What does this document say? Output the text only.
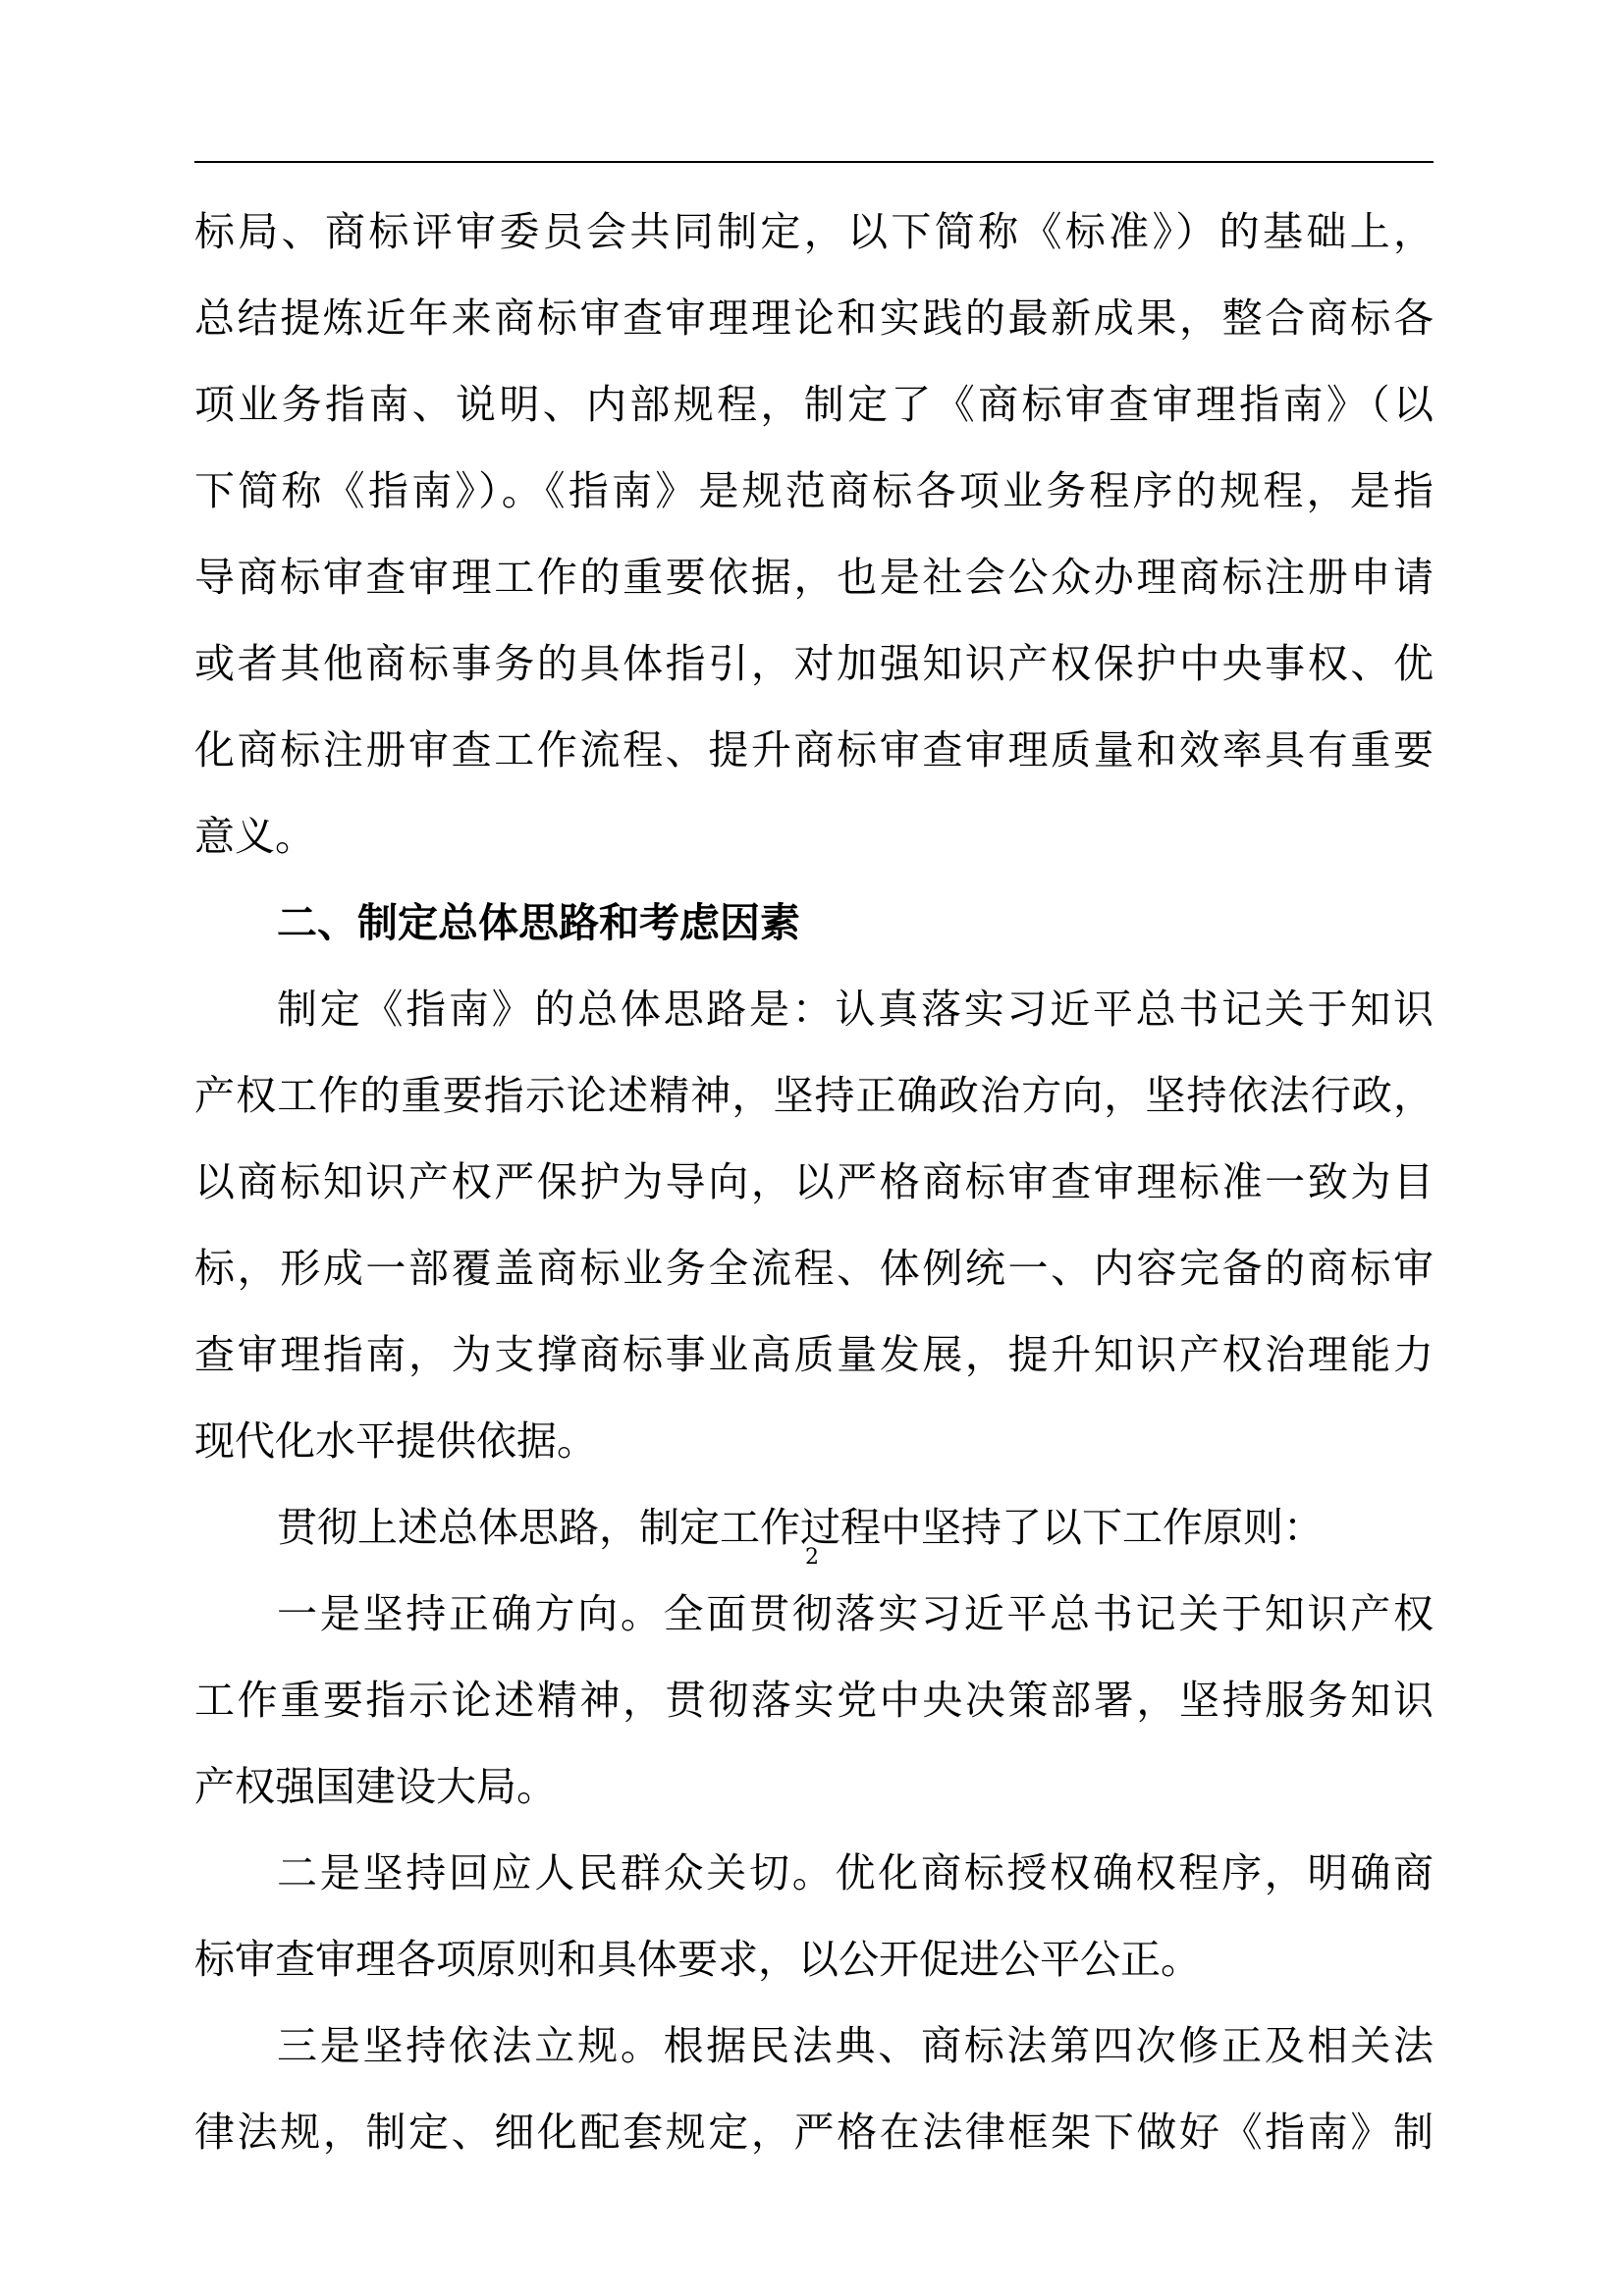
标局、商标评审委员会共同制定，以下简称《标准》）的基础上，
总结提炼近年来商标审查审理理论和实践的最新成果，整合商标各
项业务指南、说明、内部规程，制定了《商标审查审理指南》（以
下简称《指南》）。《指南》是规范商标各项业务程序的规程，是指
导商标审查审理工作的重要依据，也是社会公众办理商标注册申请
或者其他商标事务的具体指引，对加强知识产权保护中央事权、优
化商标注册审查工作流程、提升商标审查审理质量和效率具有重要
意义。
二、制定总体思路和考虑因素
制定《指南》的总体思路是：认真落实习近平总书记关于知识
产权工作的重要指示论述精神，坚持正确政治方向，坚持依法行政，
以商标知识产权严保护为导向，以严格商标审查审理标准一致为目
标，形成一部覆盖商标业务全流程、体例统一、内容完备的商标审
查审理指南，为支撑商标事业高质量发展，提升知识产权治理能力
现代化水平提供依据。
贯彻上述总体思路，制定工作过程中坚持了以下工作原则：
一是坚持正确方向。全面贯彻落实习近平总书记关于知识产权
工作重要指示论述精神，贯彻落实党中央决策部署，坚持服务知识
产权强国建设大局。
二是坚持回应人民群众关切。优化商标授权确权程序，明确商
标审查审理各项原则和具体要求，以公开促进公平公正。
三是坚持依法立规。根据民法典、商标法第四次修正及相关法
律法规，制定、细化配套规定，严格在法律框架下做好《指南》制
2
